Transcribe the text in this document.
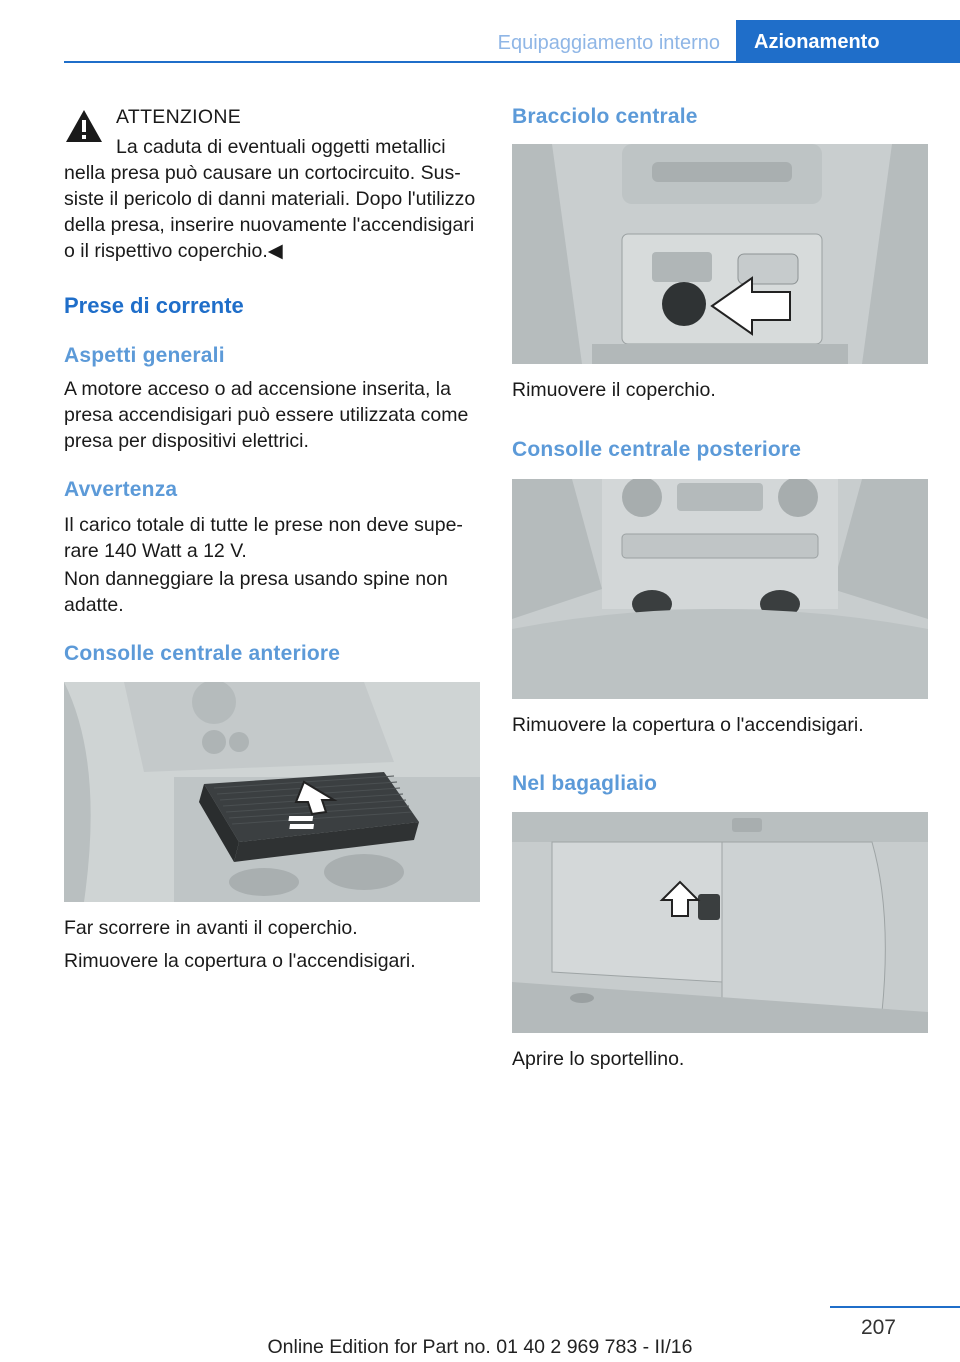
Equipaggiamento interno	Azionamento

ATTENZIONE

La caduta di eventuali oggetti metallici

nella presa può causare un cortocircuito. Sussiste il pericolo di danni materiali. Dopo l'utilizzo della presa, inserire nuovamente l'accendisigari o il rispettivo coperchio.◀

Prese di corrente
Aspetti generali

A motore acceso o ad accensione inserita, la presa accendisigari può essere utilizzata come presa per dispositivi elettrici.

Avvertenza

Il carico totale di tutte le prese non deve superare 140 Watt a 12 V.

Non danneggiare la presa usando spine non adatte.

Consolle centrale anteriore

Far scorrere in avanti il coperchio.

Rimuovere la copertura o l'accendisigari.

Bracciolo centrale

Rimuovere il coperchio.

Consolle centrale posteriore

Rimuovere la copertura o l'accendisigari.

Nel bagagliaio

Aprire lo sportellino.

207
Online Edition for Part no. 01 40 2 969 783 - II/16
